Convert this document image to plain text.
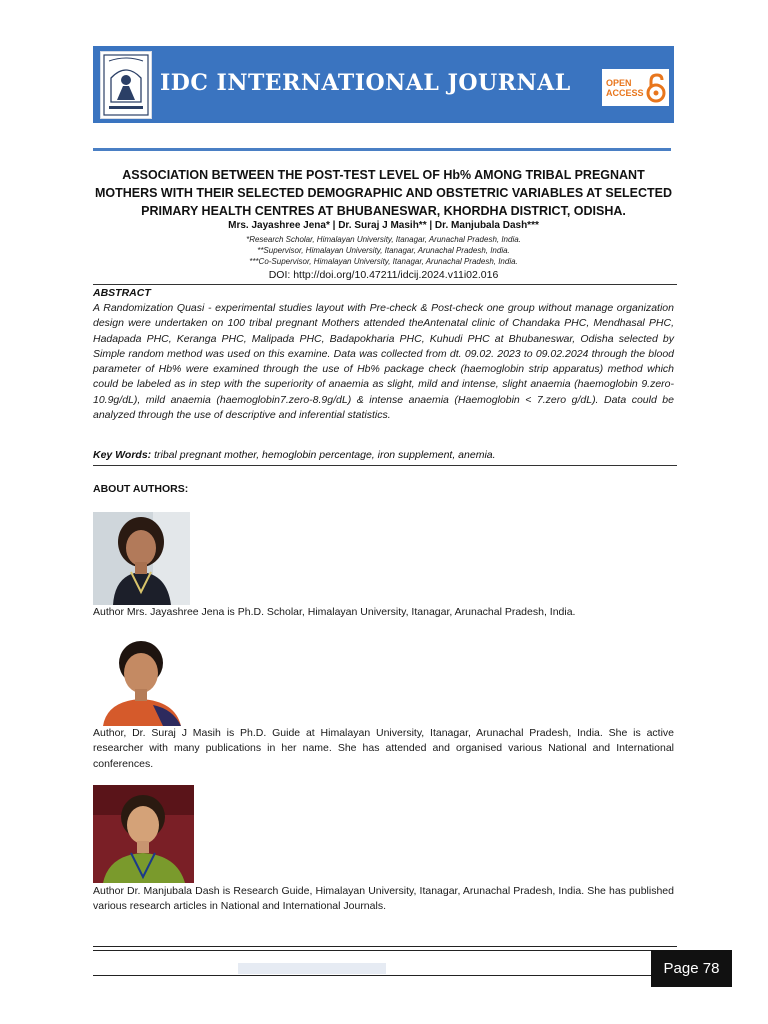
IDC INTERNATIONAL JOURNAL	OPEN
ACCESS
ASSOCIATION BETWEEN THE POST-TEST LEVEL OF Hb% AMONG TRIBAL PREGNANT MOTHERS WITH THEIR SELECTED DEMOGRAPHIC AND OBSTETRIC VARIABLES AT SELECTED PRIMARY HEALTH CENTRES AT BHUBANESWAR, KHORDHA DISTRICT, ODISHA.
Mrs. Jayashree Jena* | Dr. Suraj J Masih** | Dr. Manjubala Dash***
*Research Scholar, Himalayan University, Itanagar, Arunachal Pradesh, India.
**Supervisor, Himalayan University, Itanagar, Arunachal Pradesh, India.
***Co-Supervisor, Himalayan University, Itanagar, Arunachal Pradesh, India.
DOI: http://doi.org/10.47211/idcij.2024.v11i02.016
ABSTRACT
A Randomization Quasi - experimental studies layout with Pre-check & Post-check one group without manage organization design were undertaken on 100 tribal pregnant Mothers attended theAntenatal clinic of Chandaka PHC, Mendhasal PHC, Hadapada PHC, Keranga PHC, Malipada PHC, Badapokharia PHC, Kuhudi PHC at Bhubaneswar, Odisha selected by Simple random method was used on this examine. Data was collected from dt. 09.02. 2023 to 09.02.2024 through the blood parameter of Hb% were examined through the use of Hb% package check (haemoglobin strip apparatus) method which could be labeled as in step with the superiority of anaemia as slight, mild and intense, slight anaemia (haemoglobin 9.zero- 10.9g/dL), mild anaemia (haemoglobin7.zero-8.9g/dL) & intense anaemia (Haemoglobin < 7.zero g/dL). Data could be analyzed through the use of descriptive and inferential statistics.
Key Words: tribal pregnant mother, hemoglobin percentage, iron supplement, anemia.
ABOUT AUTHORS:
Author Mrs. Jayashree Jena is Ph.D. Scholar, Himalayan University, Itanagar, Arunachal Pradesh, India.
Author, Dr. Suraj J Masih is Ph.D. Guide at Himalayan University, Itanagar, Arunachal Pradesh, India. She is active researcher with many publications in her name. She has attended and organised various National and International conferences.
Author Dr. Manjubala Dash is Research Guide, Himalayan University, Itanagar, Arunachal Pradesh, India. She has published various research articles in National and International Journals.
Page 78
